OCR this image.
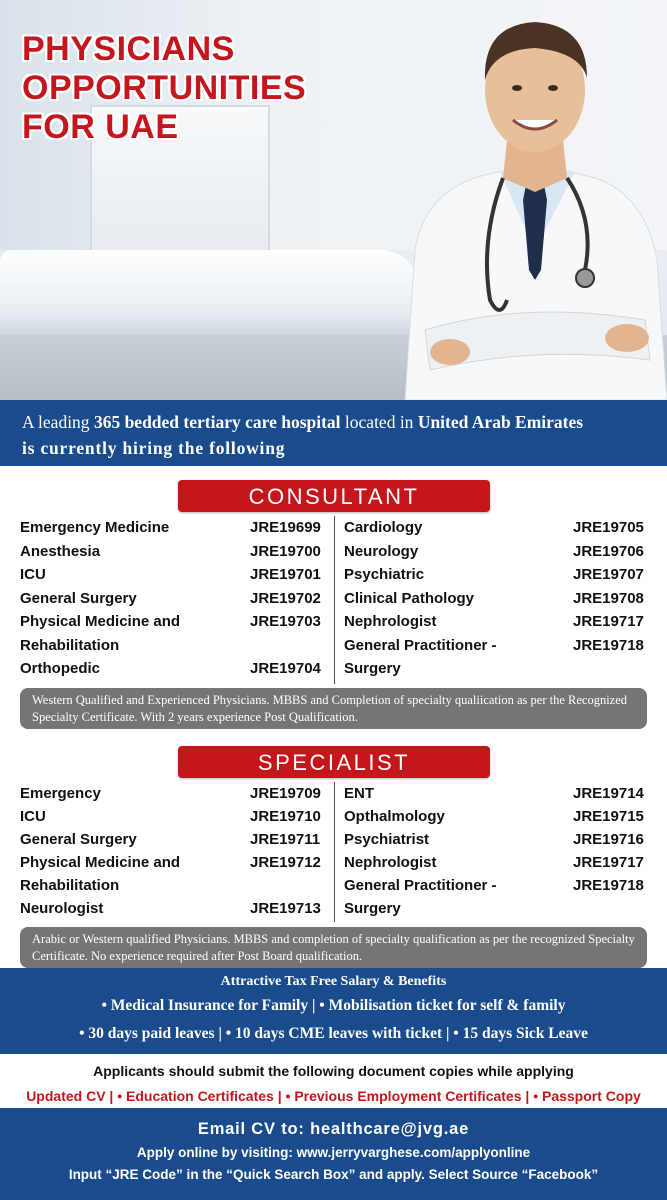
PHYSICIANS
OPPORTUNITIES
FOR UAE
A leading 365 bedded tertiary care hospital located in United Arab Emirates
is currently hiring the following
CONSULTANT
Emergency Medicine	JRE19699
Anesthesia	JRE19700
ICU	JRE19701
General Surgery	JRE19702
Physical Medicine and
Rehabilitation
JRE19703
Orthopedic	JRE19704
Cardiology	JRE19705
Neurology	JRE19706
Psychiatric	JRE19707
Clinical Pathology	JRE19708
Nephrologist	JRE19717
General Practitioner -
Surgery
JRE19718
Western Qualified and Experienced Physicians. MBBS and Completion of specialty qualiication as per the Recognized Specialty Certificate. With 2 years experience Post Qualification.
SPECIALIST
Emergency	JRE19709
ICU	JRE19710
General Surgery	JRE19711
Physical Medicine and
Rehabilitation
JRE19712
Neurologist	JRE19713
ENT	JRE19714
Opthalmology	JRE19715
Psychiatrist	JRE19716
Nephrologist	JRE19717
General Practitioner -
Surgery
JRE19718
Arabic or Western qualified Physicians. MBBS and completion of specialty qualification as per the recognized Specialty Certificate. No experience required after Post Board qualification.
Attractive Tax Free Salary & Benefits
• Medical Insurance for Family | • Mobilisation ticket for self & family
• 30 days paid leaves | • 10 days CME leaves with ticket | • 15 days Sick Leave
Applicants should submit the following document copies while applying
Updated CV | • Education Certificates | • Previous Employment Certificates | • Passport Copy
Email CV to: healthcare@jvg.ae
Apply online by visiting: www.jerryvarghese.com/applyonline
Input “JRE Code” in the “Quick Search Box” and apply. Select Source “Facebook”
